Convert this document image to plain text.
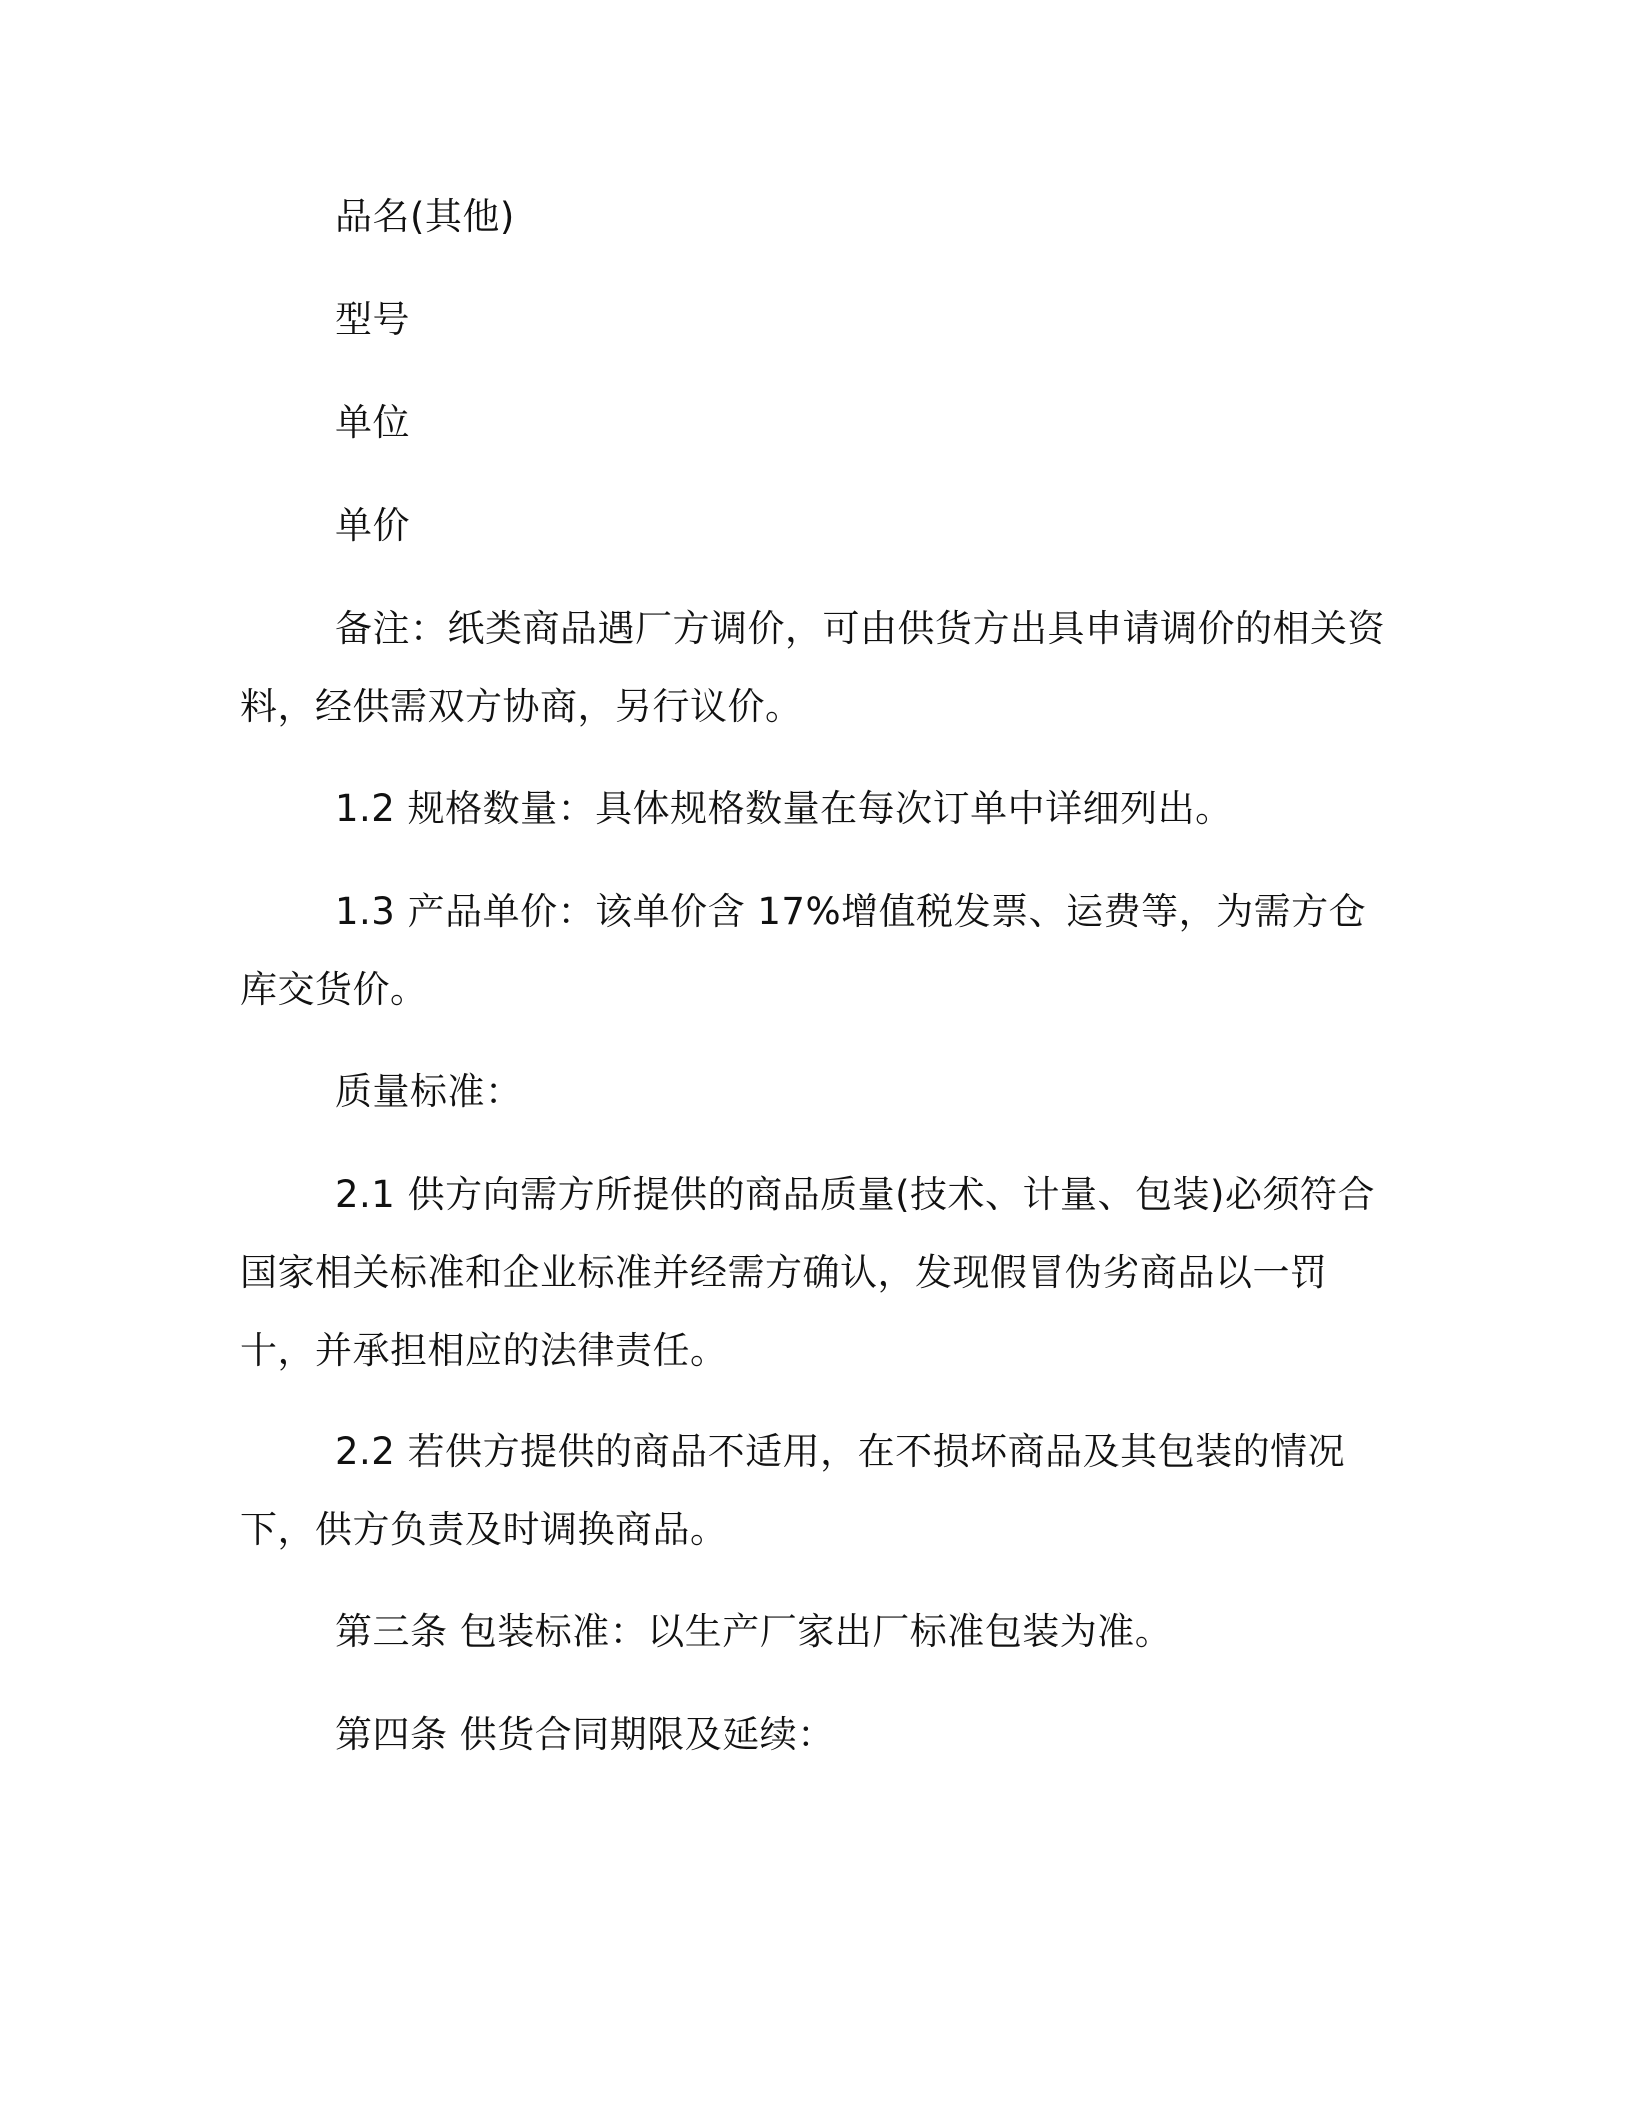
品名(其他)

型号

单位

单价

备注：纸类商品遇厂方调价，可由供货方出具申请调价的相关资料，经供需双方协商，另行议价。

1.2 规格数量：具体规格数量在每次订单中详细列出。

1.3 产品单价：该单价含 17%增值税发票、运费等，为需方仓库交货价。

质量标准：

2.1 供方向需方所提供的商品质量(技术、计量、包装)必须符合国家相关标准和企业标准并经需方确认，发现假冒伪劣商品以一罚十，并承担相应的法律责任。

2.2 若供方提供的商品不适用，在不损坏商品及其包装的情况下，供方负责及时调换商品。

第三条 包装标准：以生产厂家出厂标准包装为准。

第四条 供货合同期限及延续：
